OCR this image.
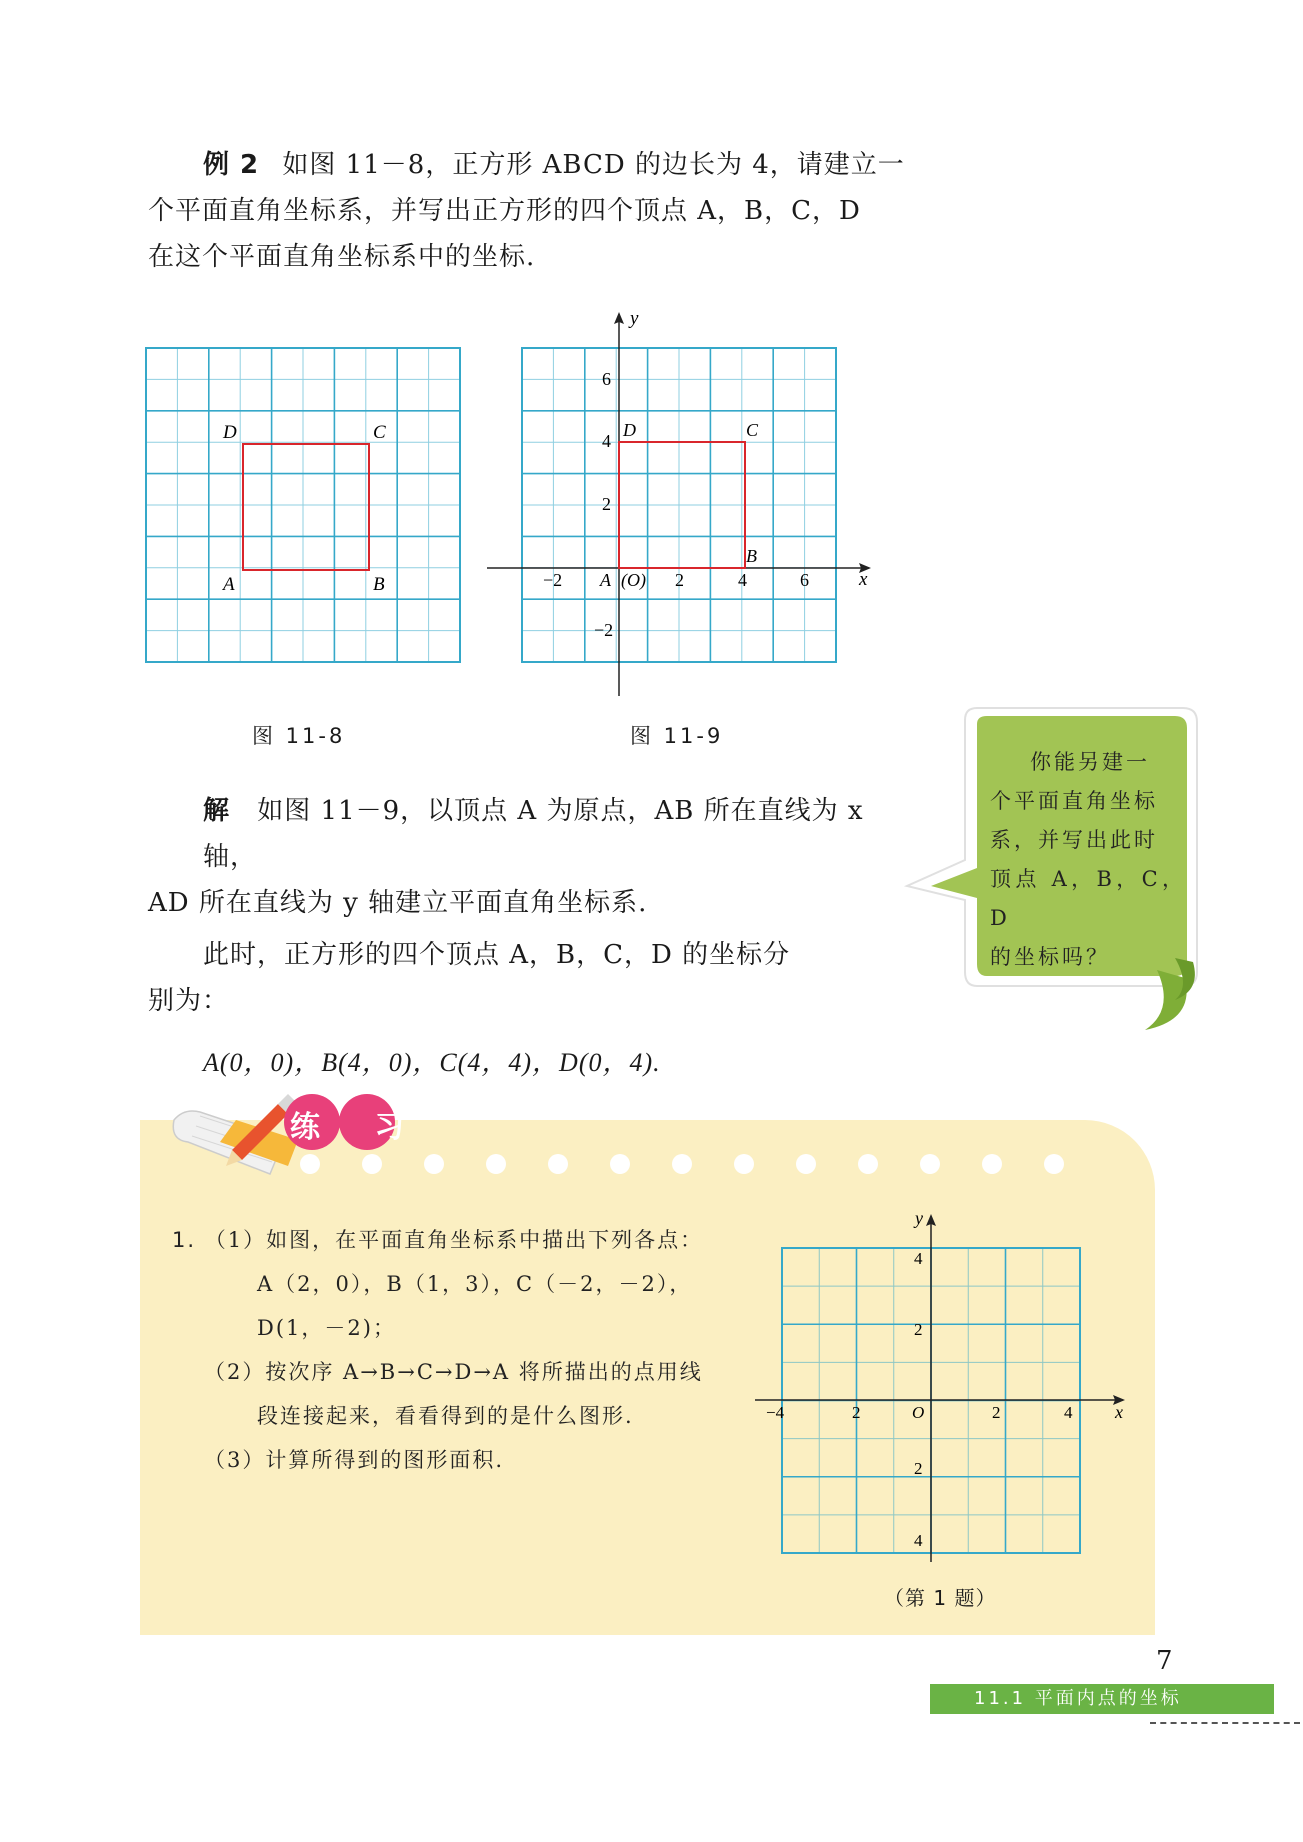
例 2 如图 11－8，正方形 ABCD 的边长为 4，请建立一
个平面直角坐标系，并写出正方形的四个顶点 A，B，C，D
在这个平面直角坐标系中的坐标.
D	C
A	B	x
y
−2	2	4	6
6
4
2
−2
A (O)
B
C
D
图 11-8	图 11-9
解 如图 11－9，以顶点 A 为原点，AB 所在直线为 x 轴，
AD 所在直线为 y 轴建立平面直角坐标系.
此时，正方形的四个顶点 A，B，C，D 的坐标分
别为：
A(0，0)，B(4，0)，C(4，4)，D(0，4).
你能另建一
个平面直角坐标
系，并写出此时
顶点 A，B，C，D
的坐标吗？
练 习
1. （1）如图，在平面直角坐标系中描出下列各点：
A（2，0），B（1，3），C（－2，－2），
D(1，－2)；
（2）按次序 A→B→C→D→A 将所描出的点用线
段连接起来，看看得到的是什么图形.
（3）计算所得到的图形面积.
x
y
−4	2	O	2	4
4
2
2
4
（第 1 题）
7
11.1 平面内点的坐标
